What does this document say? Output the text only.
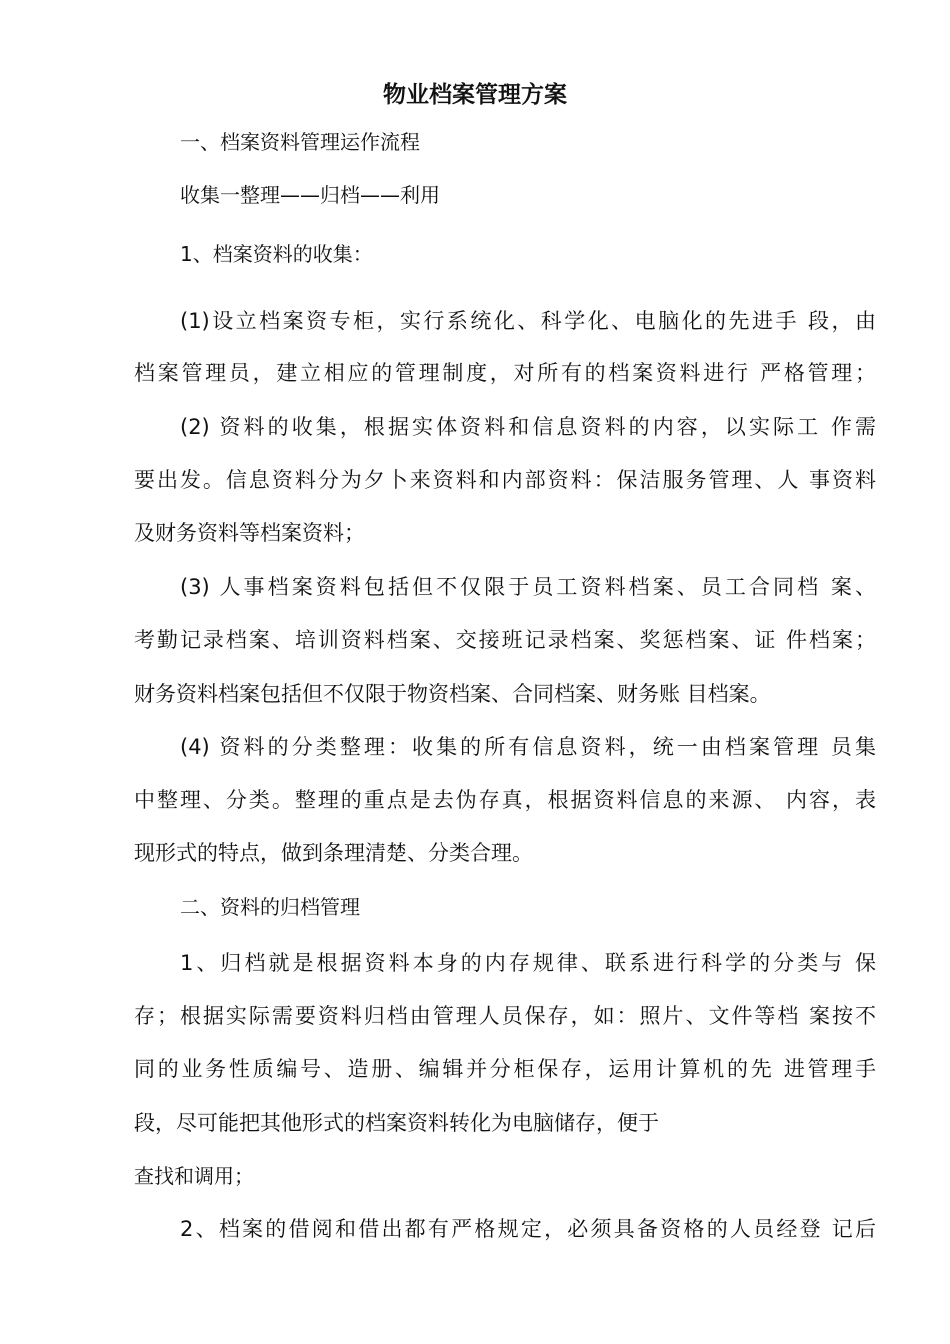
物业档案管理方案
一、档案资料管理运作流程
收集一整理——归档——利用
1、档案资料的收集：
(1)设立档案资专柜，实行系统化、科学化、电脑化的先进手 段，由
档案管理员，建立相应的管理制度，对所有的档案资料进行 严格管理；
(2) 资料的收集，根据实体资料和信息资料的内容，以实际工 作需
要出发。信息资料分为夕卜来资料和内部资料：保洁服务管理、人 事资料
及财务资料等档案资料；
(3) 人事档案资料包括但不仅限于员工资料档案、员工合同档 案、
考勤记录档案、培训资料档案、交接班记录档案、奖惩档案、证 件档案；
财务资料档案包括但不仅限于物资档案、合同档案、财务账 目档案。
(4) 资料的分类整理：收集的所有信息资料，统一由档案管理 员集
中整理、分类。整理的重点是去伪存真，根据资料信息的来源、 内容，表
现形式的特点，做到条理清楚、分类合理。
二、资料的归档管理
1、归档就是根据资料本身的内存规律、联系进行科学的分类与 保
存；根据实际需要资料归档由管理人员保存，如：照片、文件等档 案按不
同的业务性质编号、造册、编辑并分柜保存，运用计算机的先 进管理手
段，尽可能把其他形式的档案资料转化为电脑储存，便于
查找和调用；
2、档案的借阅和借出都有严格规定，必须具备资格的人员经登 记后
